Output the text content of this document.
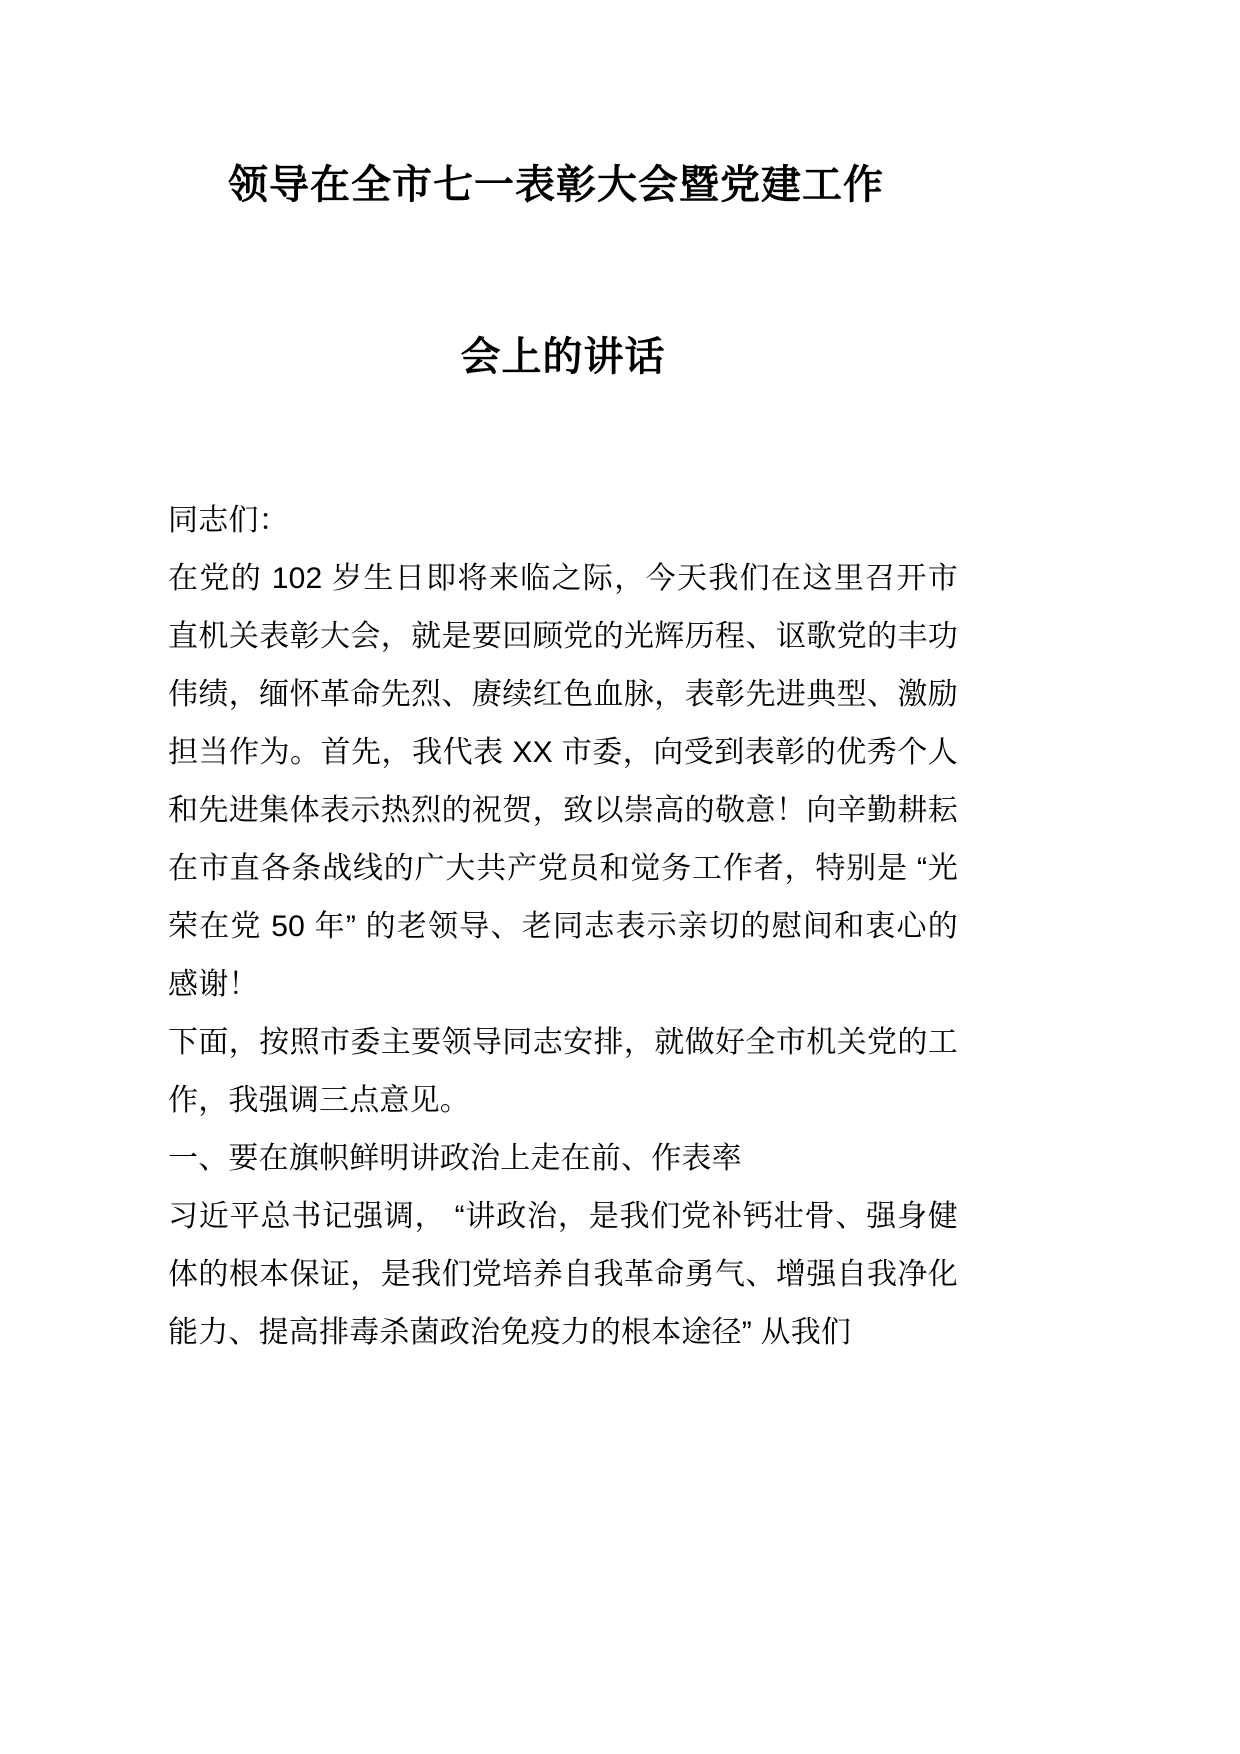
领导在全市七一表彰大会暨党建工作
会上的讲话

同志们：

在党的 102 岁生日即将来临之际，今天我们在这里召开市直机关表彰大会，就是要回顾党的光辉历程、讴歌党的丰功伟绩，缅怀革命先烈、赓续红色血脉，表彰先进典型、激励担当作为。首先，我代表 XX 市委，向受到表彰的优秀个人和先进集体表示热烈的祝贺，致以崇高的敬意！向辛勤耕耘在市直各条战线的广大共产党员和觉务工作者，特别是 “光荣在党 50 年” 的老领导、老同志表示亲切的慰间和衷心的感谢！

下面，按照市委主要领导同志安排，就做好全市机关党的工作，我强调三点意见。

一、要在旗帜鲜明讲政治上走在前、作表率

习近平总书记强调， “讲政治，是我们党补钙壮骨、强身健体的根本保证，是我们党培养自我革命勇气、增强自我净化能力、提高排毒杀菌政治免疫力的根本途径” 从我们
